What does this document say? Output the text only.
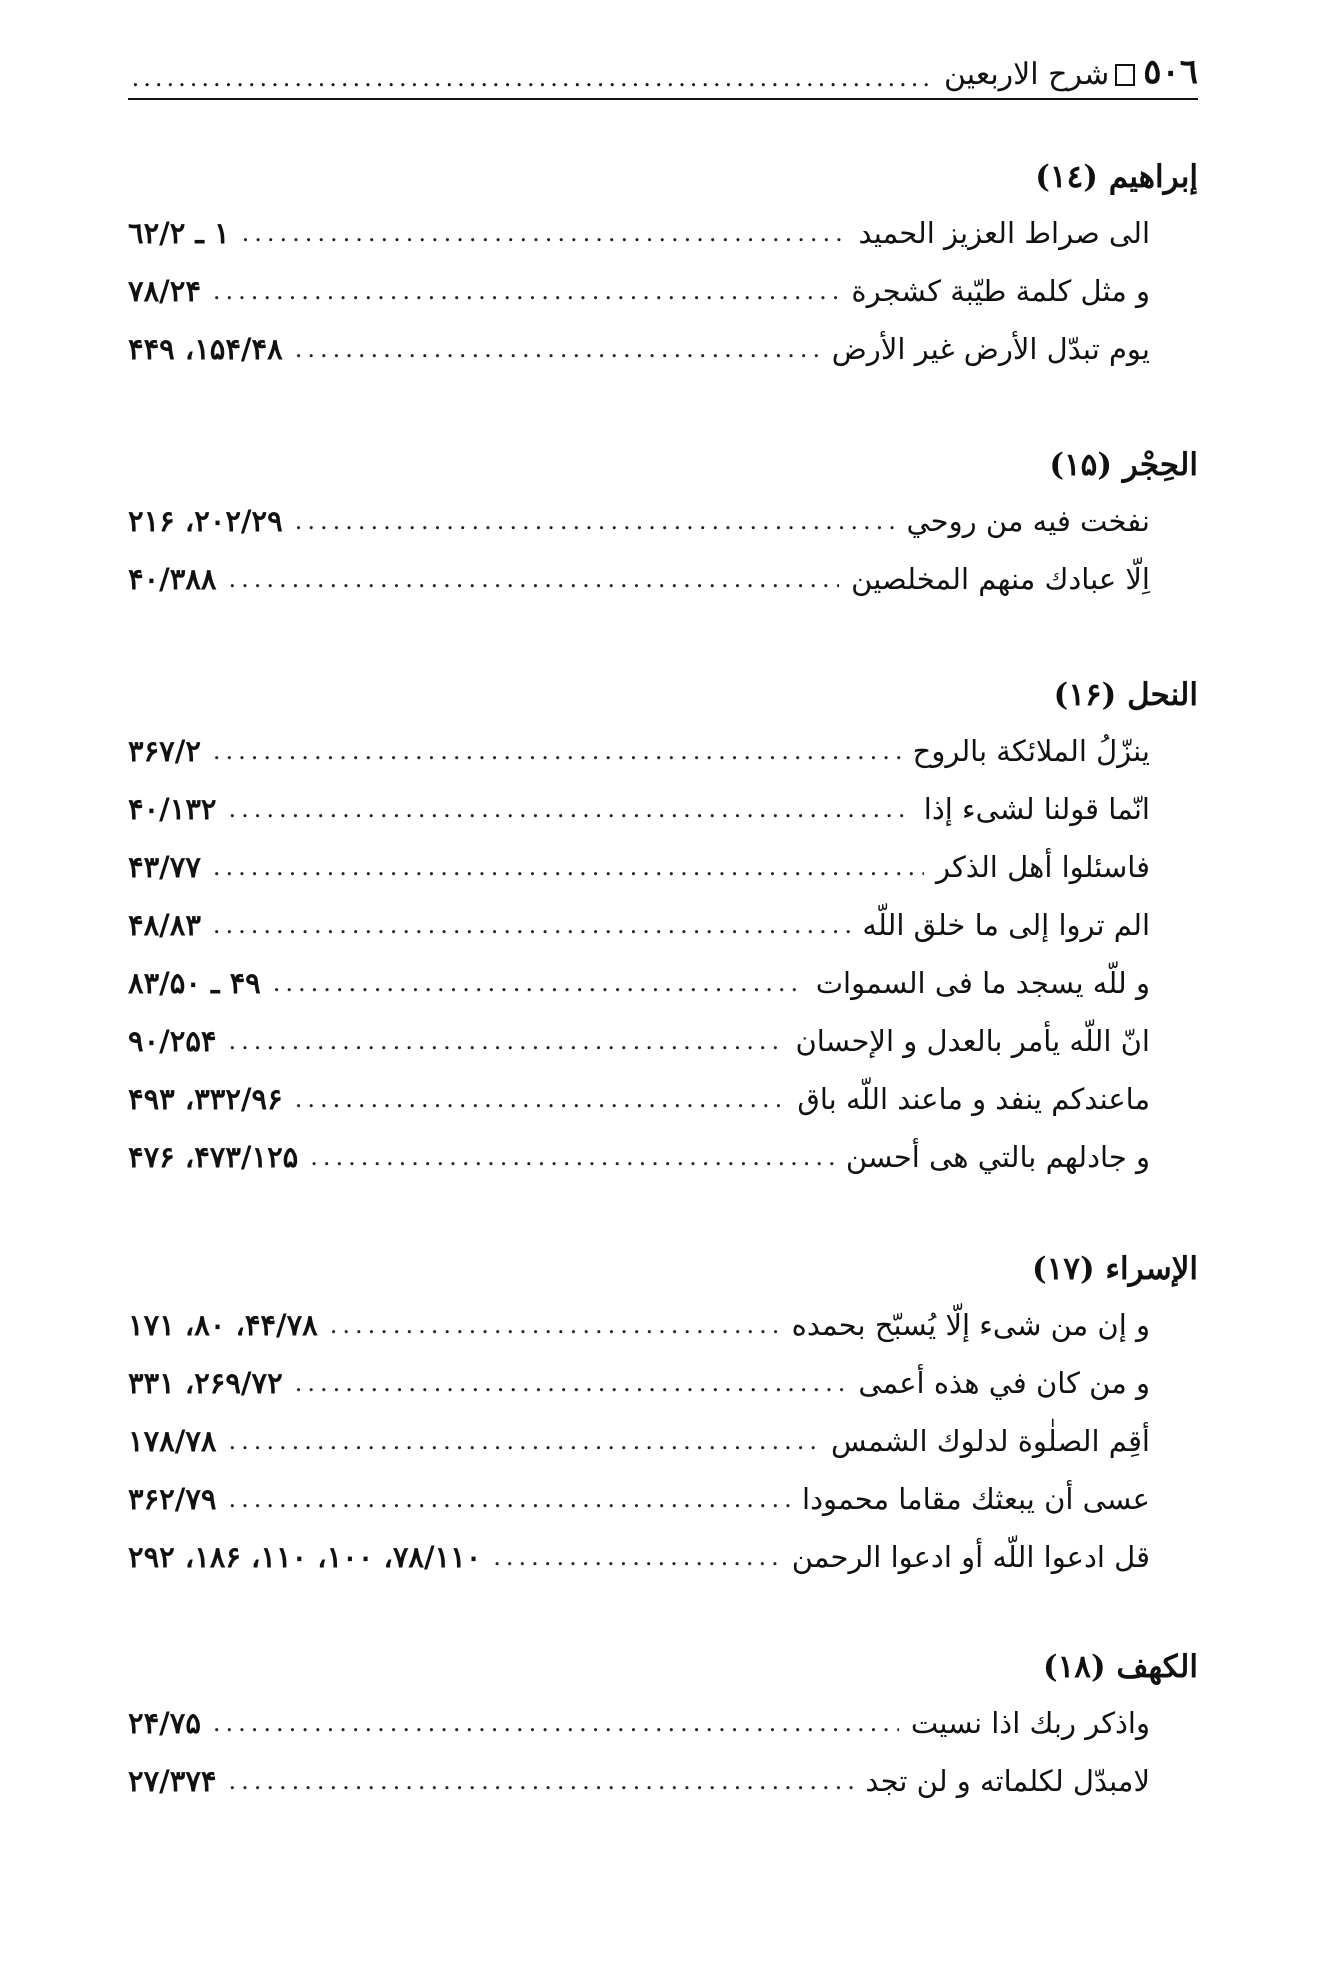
٥٠٦
شرح الاربعين
.....
إبراهيم (١٤)
الى صراط العزيز الحميد
.....
١ ـ ٦٢/٢
و مثل كلمة طيّبة كشجرة
.....
٧٨/٢۴
يوم تبدّل الأرض غير الأرض
.....
١۵۴/۴٨، ۴۴٩
الحِجْر (١۵)
نفخت فيه من روحي
.....
٢٠٢/٢٩، ٢١۶
اِلّا عبادك منهم المخلصين
.....
٣٨٨/۴٠
النحل (١۶)
ينزّلُ الملائكة بالروح
.....
٣۶٧/٢
انّما قولنا لشىء إذا
.....
١٣٢/۴٠
فاسئلوا أهل الذكر
.....
٧٧/۴٣
الم تروا إلى ما خلق اللّه
.....
٨٣/۴٨
و للّه يسجد ما فى السموات
.....
۴٩ ـ ٨٣/۵٠
انّ اللّه يأمر بالعدل و الإحسان
.....
٢۵۴/٩٠
ماعندكم ينفد و ماعند اللّه باق
.....
٣٣٢/٩۶، ۴٩٣
و جادلهم بالتي هى أحسن
.....
۴٧٣/١٢۵، ۴٧۶
الإسراء (١٧)
و إن من شىء إلّا يُسبّح بحمده
.....
٧٨/۴۴، ٨٠، ١٧١
و من كان في هذه أعمى
.....
٢۶٩/٧٢، ٣٣١
أقِم الصلٰوة لدلوك الشمس
.....
١٧٨/٧٨
عسى أن يبعثك مقاما محمودا
.....
٣۶٢/٧٩
قل ادعوا اللّه أو ادعوا الرحمن
.....
٧٨/١١٠، ١٠٠، ١١٠، ١٨۶، ٢٩٢
الكهف (١٨)
واذكر ربك اذا نسيت
.....
٧۵/٢۴
لامبدّل لكلماته و لن تجد
.....
٣٧۴/٢٧
